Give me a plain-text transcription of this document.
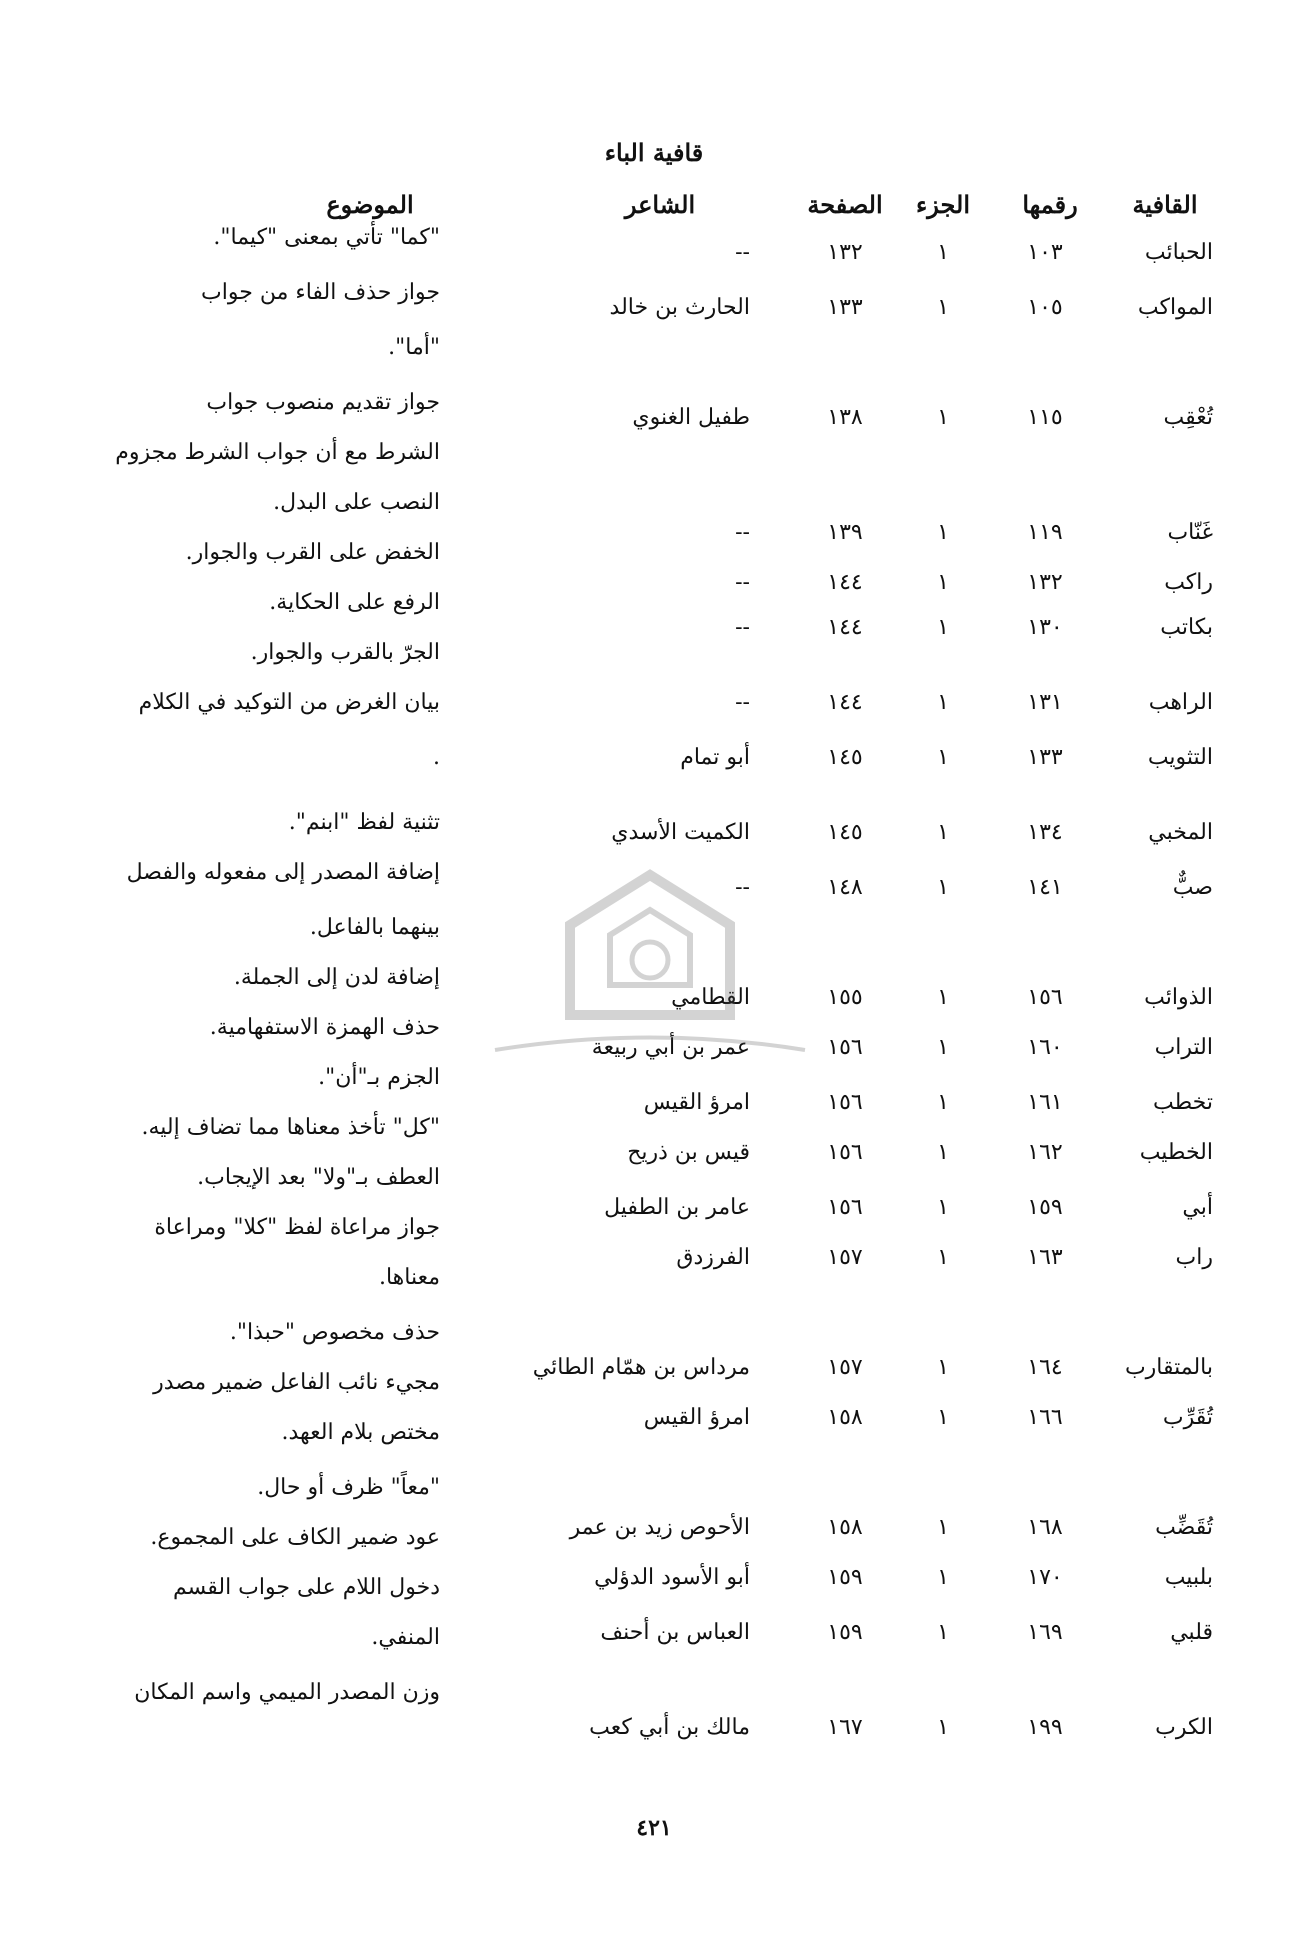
قافية الباء
القافية
رقمها
الجزء
الصفحة
الشاعر
الموضوع
الحبائب
١٠٣
١
١٣٢
--
المواكب
١٠٥
١
١٣٣
الحارث بن خالد
تُعْقِب
١١٥
١
١٣٨
طفيل الغنوي
غَنّاب
١١٩
١
١٣٩
--
راكب
١٣٢
١
١٤٤
--
بكاتب
١٣٠
١
١٤٤
--
الراهب
١٣١
١
١٤٤
--
التثويب
١٣٣
١
١٤٥
أبو تمام
المخبي
١٣٤
١
١٤٥
الكميت الأسدي
صبٌّ
١٤١
١
١٤٨
--
الذوائب
١٥٦
١
١٥٥
القطامي
التراب
١٦٠
١
١٥٦
عمر بن أبي ربيعة
تخطب
١٦١
١
١٥٦
امرؤ القيس
الخطيب
١٦٢
١
١٥٦
قيس بن ذريح
أبي
١٥٩
١
١٥٦
عامر بن الطفيل
راب
١٦٣
١
١٥٧
الفرزدق
بالمتقارب
١٦٤
١
١٥٧
مرداس بن همّام الطائي
تُقَرِّب
١٦٦
١
١٥٨
امرؤ القيس
تُقَضِّب
١٦٨
١
١٥٨
الأحوص زيد بن عمر
بلبيب
١٧٠
١
١٥٩
أبو الأسود الدؤلي
قلبي
١٦٩
١
١٥٩
العباس بن أحنف
الكرب
١٩٩
١
١٦٧
مالك بن أبي كعب
"كما" تأتي بمعنى "كيما".
جواز حذف الفاء من جواب
"أما".
جواز تقديم منصوب جواب
الشرط مع أن جواب الشرط مجزوم
النصب على البدل.
الخفض على القرب والجوار.
الرفع على الحكاية.
الجرّ بالقرب والجوار.
بيان الغرض من التوكيد في الكلام
.
تثنية لفظ "ابنم".
إضافة المصدر إلى مفعوله والفصل
بينهما بالفاعل.
إضافة لدن إلى الجملة.
حذف الهمزة الاستفهامية.
الجزم بـ"أن".
"كل" تأخذ معناها مما تضاف إليه.
العطف بـ"ولا" بعد الإيجاب.
جواز مراعاة لفظ "كلا" ومراعاة
معناها.
حذف مخصوص "حبذا".
مجيء نائب الفاعل ضمير مصدر
مختص بلام العهد.
"معاً" ظرف أو حال.
عود ضمير الكاف على المجموع.
دخول اللام على جواب القسم
المنفي.
وزن المصدر الميمي واسم المكان
٤٢١
